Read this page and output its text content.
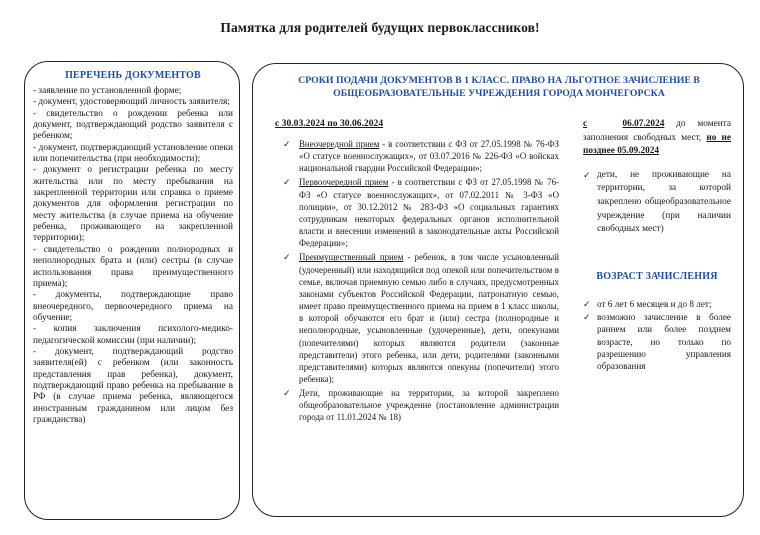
Памятка для родителей будущих первоклассников!
ПЕРЕЧЕНЬ ДОКУМЕНТОВ
- заявление по установленной форме;
- документ, удостоверяющий личность заявителя;
- свидетельство о рождении ребенка или документ, подтверждающий родство заявителя с ребенком;
- документ, подтверждающий установление опеки или попечительства (при необходимости);
- документ о регистрации ребенка по месту жительства или по месту пребывания на закрепленной территории или справка о приеме документов для оформления регистрации по месту жительства (в случае приема на обучение ребенка, проживающего на закрепленной территории);
- свидетельство о рождении полнородных и неполнородных брата и (или) сестры (в случае использования права преимущественного приема);
- документы, подтверждающие право внеочередного, первоочередного приема на обучение;
- копия заключения психолого-медико-педагогической комиссии (при наличии);
- документ, подтверждающий родство заявителя(ей) с ребенком (или законность представления прав ребенка), документ, подтверждающий право ребенка на пребывание в РФ (в случае приема ребенка, являющегося иностранным гражданином или лицом без гражданства)
СРОКИ ПОДАЧИ ДОКУМЕНТОВ В 1 КЛАСС. ПРАВО НА ЛЬГОТНОЕ ЗАЧИСЛЕНИЕ В
ОБЩЕОБРАЗОВАТЕЛЬНЫЕ УЧРЕЖДЕНИЯ ГОРОДА МОНЧЕГОРСКА
с 30.03.2024 по 30.06.2024
✓ Внеочередной прием - в соответствии с ФЗ от 27.05.1998 № 76-ФЗ «О статусе военнослужащих», от 03.07.2016 № 226-ФЗ «О войсках национальной гвардии Российской Федерации»;
✓ Первоочередной прием - в соответствии с ФЗ от 27.05.1998 № 76-ФЗ «О статусе военнослужащих», от 07.02.2011 № 3-ФЗ «О полиции», от 30.12.2012 № 283-ФЗ «О социальных гарантиях сотрудникам некоторых федеральных органов исполнительной власти и внесении изменений в законодательные акты Российской Федерации»;
✓ Преимущественный прием - ребенок, в том числе усыновленный (удочеренный) или находящийся под опекой или попечительством в семье, включая приемную семью либо в случаях, предусмотренных законами субъектов Российской Федерации, патронатную семью, имеет право преимущественного приема на прием в 1 класс школы, в которой обучаются его брат и (или) сестра (полнородные и неполнородные, усыновленные (удочеренные), дети, опекунами (попечителями) которых являются родители (законные представители) этого ребенка, или дети, родителями (законными представителями) которых являются опекуны (попечители) этого ребенка);
✓ Дети, проживающие на территории, за которой закреплено общеобразовательное учреждение (постановление администрации города от 11.01.2024 № 18)
с	06.07.2024 до момента заполнения свободных мест, но не позднее 05.09.2024
✓ дети, не проживающие на территории, за которой закреплено общеобразовательное учреждение (при наличии свободных мест)
ВОЗРАСТ ЗАЧИСЛЕНИЯ
✓ от 6 лет 6 месяцев и до 8 лет;
✓ возможно зачисление в более раннем или более позднем возрасте, но только по разрешению управления образования
